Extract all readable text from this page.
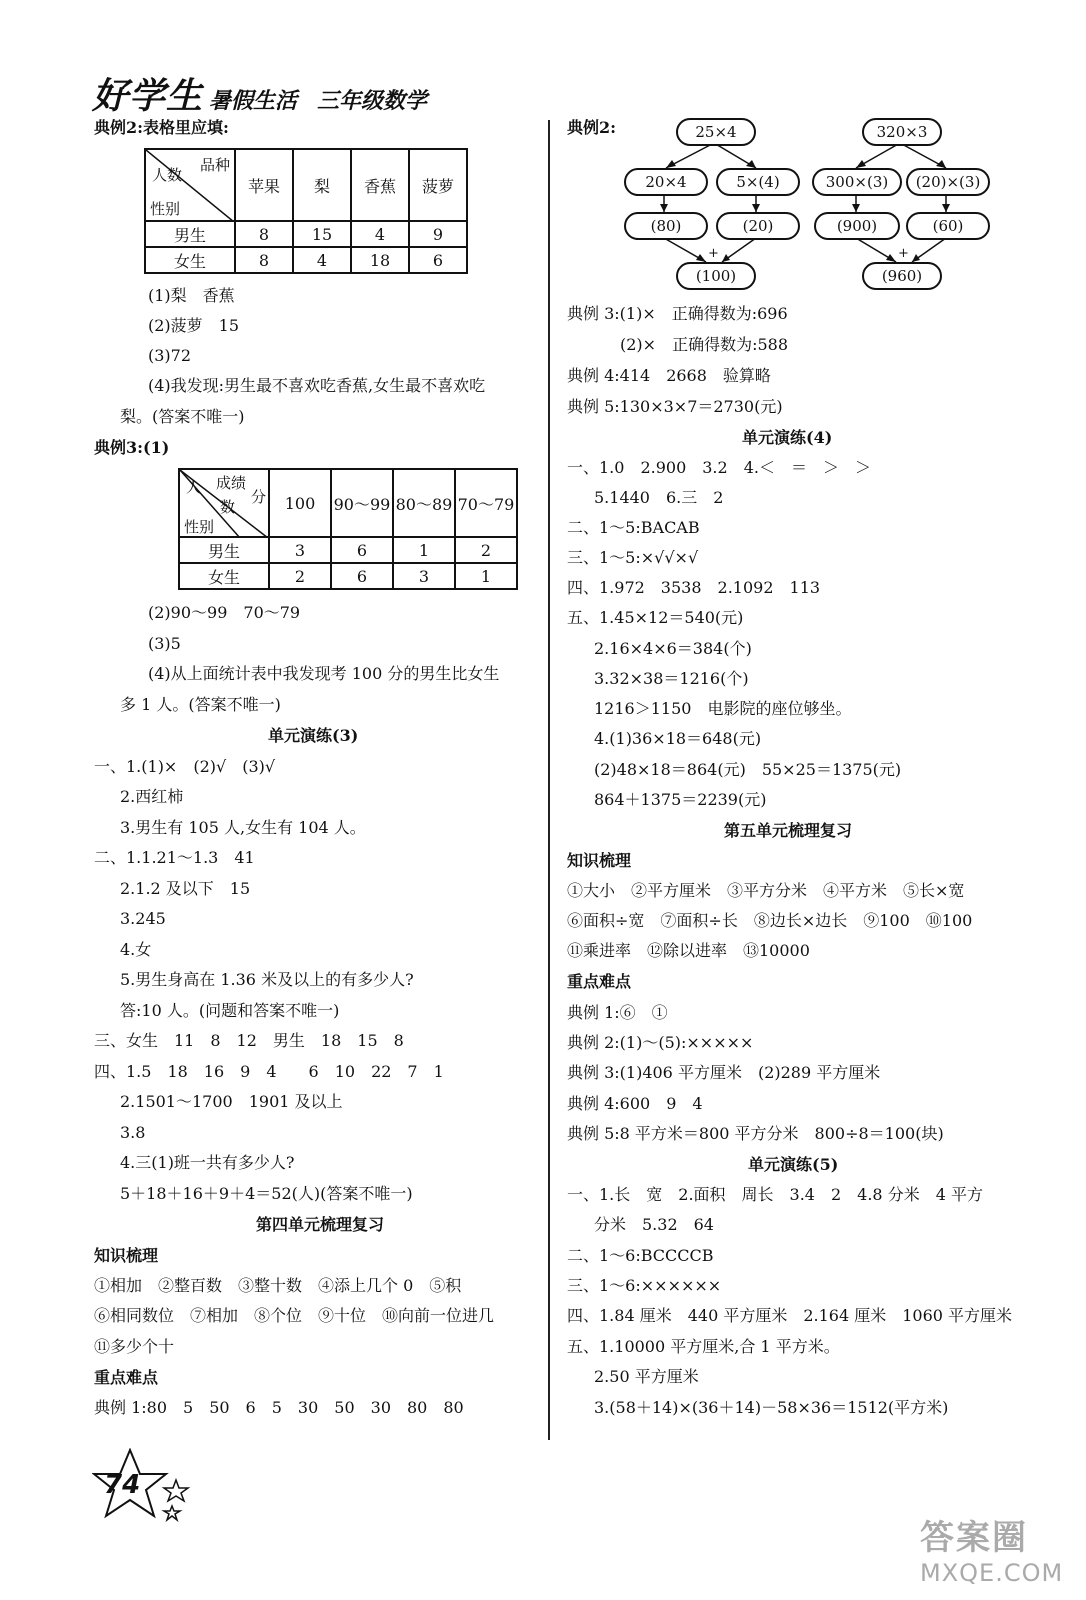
好学生 暑假生活 三年级数学
典例2:表格里应填:
品种
人数
性别	苹果	梨	香蕉	菠萝
男生	8	15	4	9
女生	8	4	18	6
(1)梨　香蕉
(2)菠萝　15
(3)72
(4)我发现:男生最不喜欢吃香蕉,女生最不喜欢吃
梨。(答案不唯一)
典例3:(1)
成绩
分
人
数
性别	100	90～99	80～89	70～79
男生	3	6	1	2
女生	2	6	3	1
(2)90～99　70～79
(3)5
(4)从上面统计表中我发现考 100 分的男生比女生
多 1 人。(答案不唯一)
单元演练(3)
一、1.(1)×　(2)√　(3)√
2.西红柿
3.男生有 105 人,女生有 104 人。
二、1.1.21～1.3　41
2.1.2 及以下　15
3.245
4.女
5.男生身高在 1.36 米及以上的有多少人?
答:10 人。(问题和答案不唯一)
三、女生　11　8　12　男生　18　15　8
四、1.5　18　16　9　4　　6　10　22　7　1
2.1501～1700　1901 及以上
3.8
4.三(1)班一共有多少人?
5＋18＋16＋9＋4＝52(人)(答案不唯一)
第四单元梳理复习
知识梳理
①相加　②整百数　③整十数　④添上几个 0　⑤积
⑥相同数位　⑦相加　⑧个位　⑨十位　⑩向前一位进几
⑪多少个十
重点难点
典例 1:80　5　50　6　5　30　50　30　80　80
典例2:	25×4
20×4	5×(4)
(80)	(20)
+
(100)
320×3
300×(3)	(20)×(3)
(900)	(60)
+
(960)
典例 3:(1)×　正确得数为:696
(2)×　正确得数为:588
典例 4:414　2668　验算略
典例 5:130×3×7＝2730(元)
单元演练(4)
一、1.0　2.900　3.2　4.＜　＝　＞　＞
5.1440　6.三　2
二、1～5:BACAB
三、1～5:×√√×√
四、1.972　3538　2.1092　113
五、1.45×12＝540(元)
2.16×4×6＝384(个)
3.32×38＝1216(个)
1216＞1150　电影院的座位够坐。
4.(1)36×18＝648(元)
(2)48×18＝864(元)　55×25＝1375(元)
864＋1375＝2239(元)
第五单元梳理复习
知识梳理
①大小　②平方厘米　③平方分米　④平方米　⑤长×宽
⑥面积÷宽　⑦面积÷长　⑧边长×边长　⑨100　⑩100
⑪乘进率　⑫除以进率　⑬10000
重点难点
典例 1:⑥　①
典例 2:(1)～(5):×××××
典例 3:(1)406 平方厘米　(2)289 平方厘米
典例 4:600　9　4
典例 5:8 平方米＝800 平方分米　800÷8＝100(块)
单元演练(5)
一、1.长　宽　2.面积　周长　3.4　2　4.8 分米　4 平方
分米　5.32　64
二、1～6:BCCCCB
三、1～6:××××××
四、1.84 厘米　440 平方厘米　2.164 厘米　1060 平方厘米
五、1.10000 平方厘米,合 1 平方米。
2.50 平方厘米
3.(58＋14)×(36＋14)－58×36＝1512(平方米)
74
答案圈
MXQE.COM
